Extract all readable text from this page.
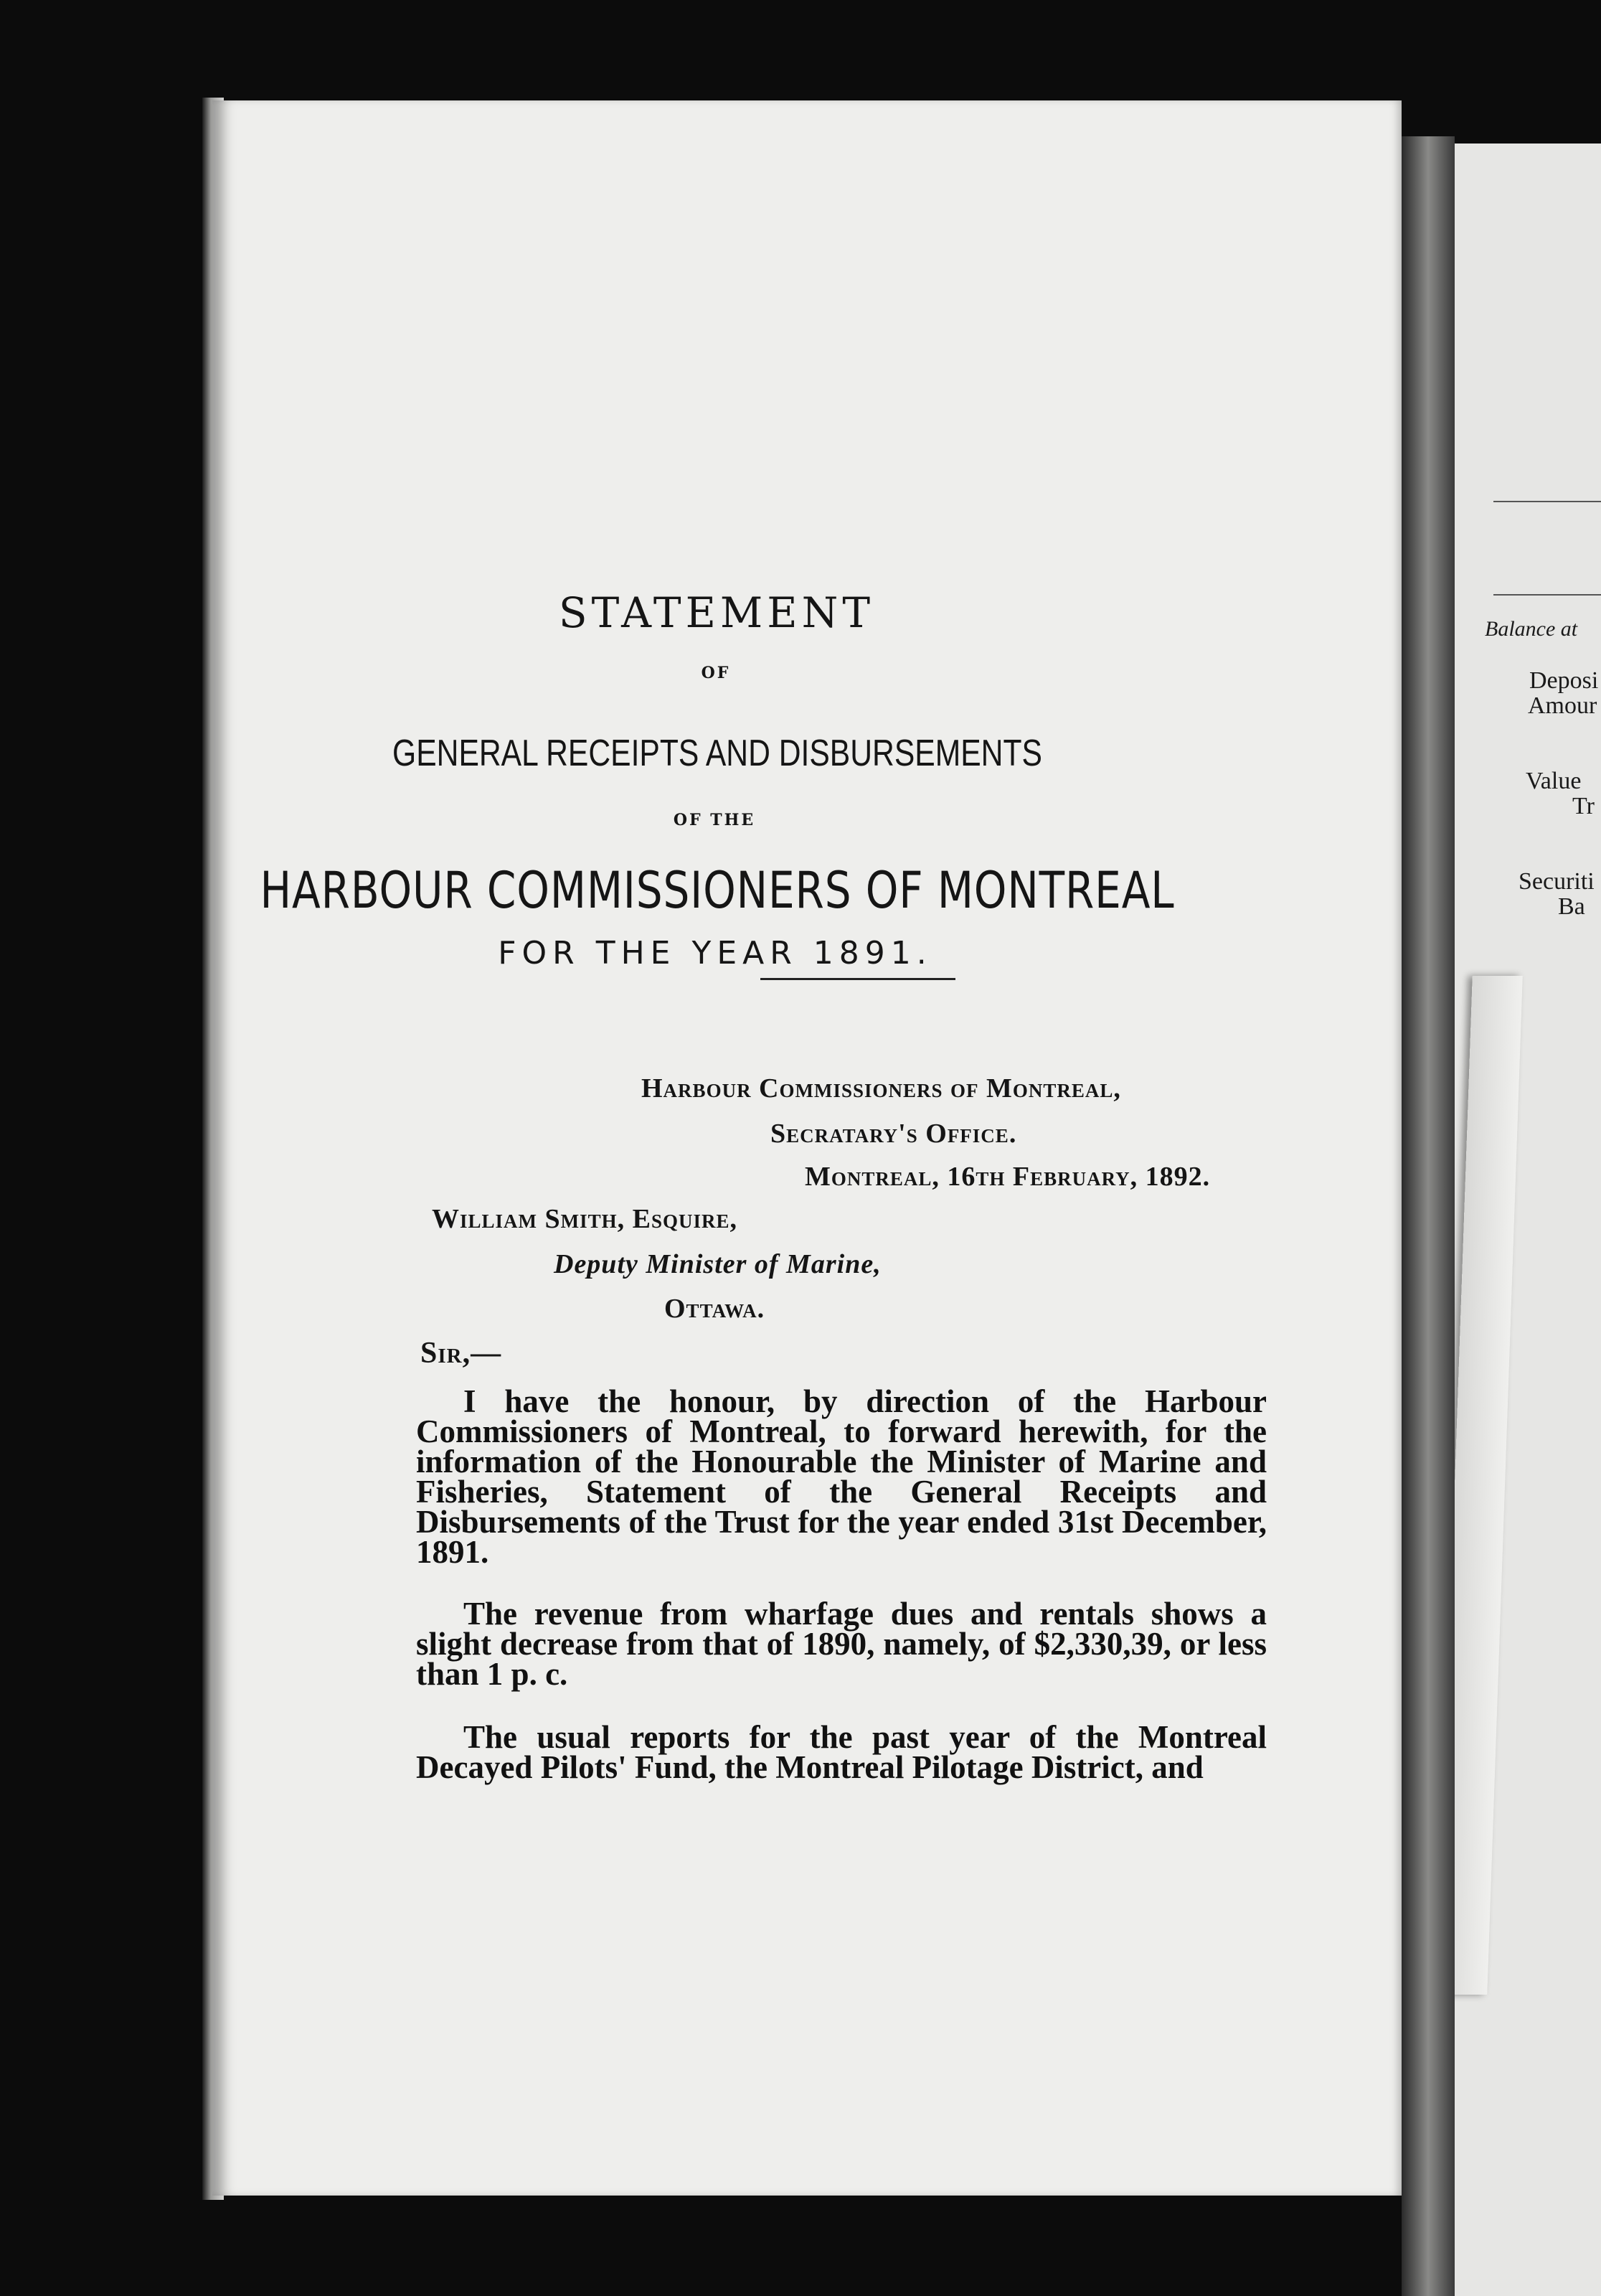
Balance at
Deposi
Amour
Value
Tr
Securiti
Ba
STATEMENT
OF
GENERAL RECEIPTS AND DISBURSEMENTS
OF THE
HARBOUR COMMISSIONERS OF MONTREAL
FOR THE YEAR 1891.
Harbour Commissioners of Montreal,
Secratary's Office.
Montreal, 16th February, 1892.
William Smith, Esquire,
Deputy Minister of Marine,
Ottawa.
Sir,—
I have the honour, by direction of the Harbour Commissioners of Montreal, to forward herewith, for the information of the Honourable the Minister of Marine and Fisheries, Statement of the General Receipts and Disbursements of the Trust for the year ended 31st December, 1891.
The revenue from wharfage dues and rentals shows a slight decrease from that of 1890, namely, of $2,330,39, or less than 1 p. c.
The usual reports for the past year of the Montreal Decayed Pilots' Fund, the Montreal Pilotage District, and
